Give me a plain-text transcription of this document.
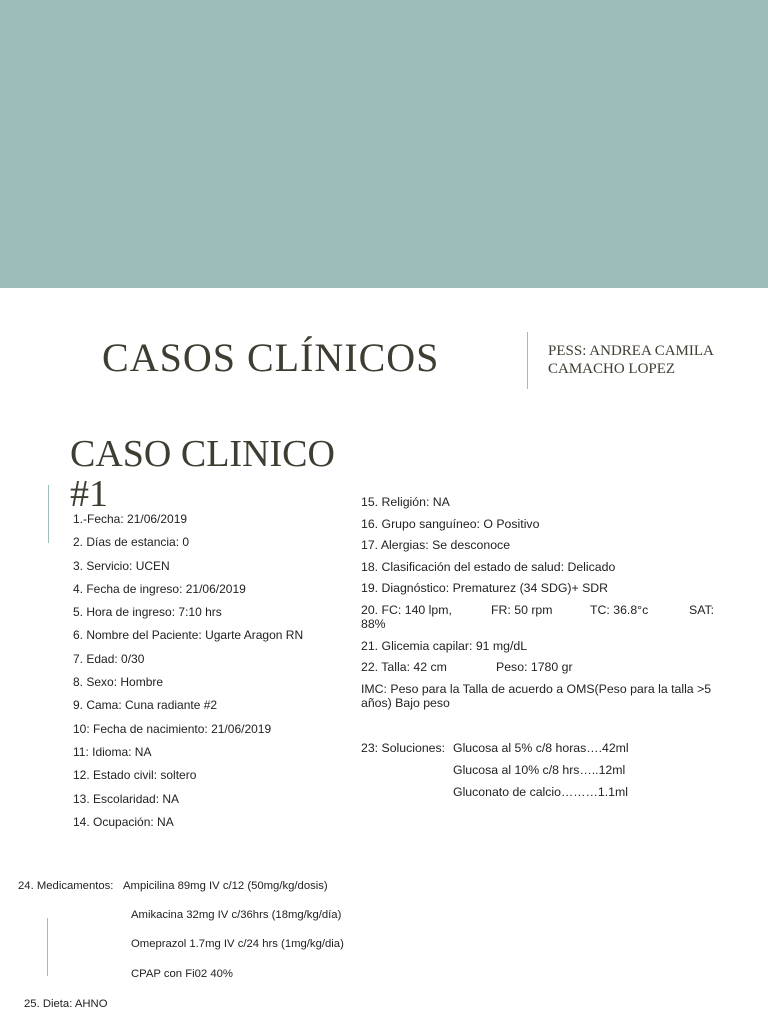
CASOS CLÍNICOS	PESS: ANDREA CAMILA CAMACHO LOPEZ
CASO CLINICO #1
1.-Fecha: 21/06/2019
2. Días de estancia: 0
3. Servicio: UCEN
4. Fecha de ingreso: 21/06/2019
5. Hora de ingreso: 7:10 hrs
6. Nombre del Paciente: Ugarte Aragon RN
7. Edad: 0/30
8. Sexo: Hombre
9. Cama: Cuna radiante #2
10: Fecha de nacimiento: 21/06/2019
11: Idioma: NA
12. Estado civil: soltero
13. Escolaridad: NA
14. Ocupación: NA
15. Religión: NA
16. Grupo sanguíneo: O Positivo
17. Alergias: Se desconoce
18. Clasificación del estado de salud: Delicado
19. Diagnóstico: Prematurez (34 SDG)+ SDR
20. FC: 140 lpm,	FR: 50 rpm	TC: 36.8°c	SAT:
88%
21. Glicemia capilar: 91 mg/dL
22. Talla: 42 cm	Peso: 1780 gr
IMC: Peso para la Talla de acuerdo a OMS(Peso para la talla >5 años) Bajo peso
23: Soluciones: Glucosa al 5% c/8 horas….42ml
Glucosa al 10% c/8 hrs…..12ml
Gluconato de calcio………1.1ml
24. Medicamentos: Ampicilina 89mg IV c/12 (50mg/kg/dosis)
Amikacina 32mg IV c/36hrs (18mg/kg/día)
Omeprazol 1.7mg IV c/24 hrs (1mg/kg/dia)
CPAP con Fi02 40%
25. Dieta: AHNO
